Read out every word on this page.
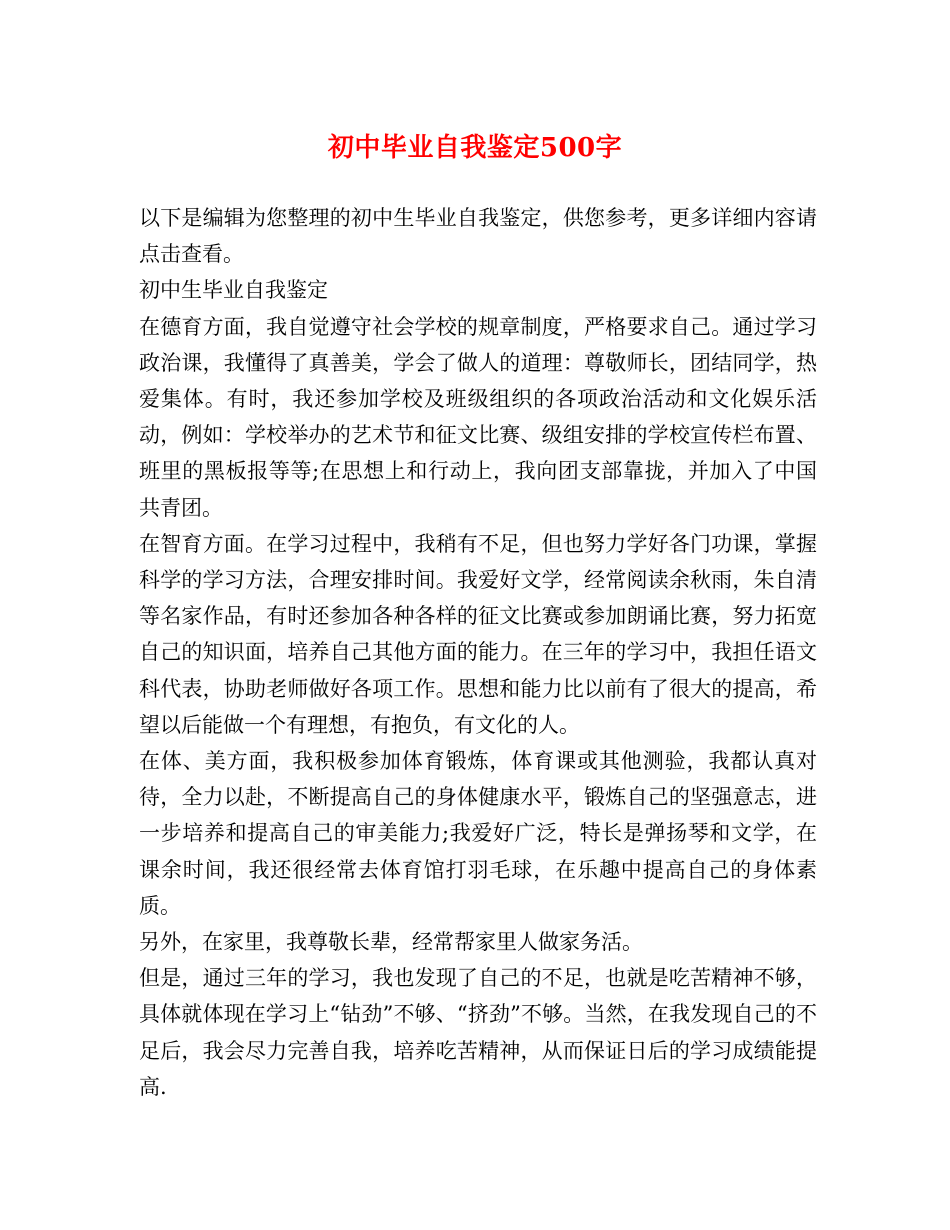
初中毕业自我鉴定500字

以下是编辑为您整理的初中生毕业自我鉴定，供您参考，更多详细内容请点击查看。

初中生毕业自我鉴定

在德育方面，我自觉遵守社会学校的规章制度，严格要求自己。通过学习政治课，我懂得了真善美，学会了做人的道理：尊敬师长，团结同学，热爱集体。有时，我还参加学校及班级组织的各项政治活动和文化娱乐活动，例如：学校举办的艺术节和征文比赛、级组安排的学校宣传栏布置、班里的黑板报等等;在思想上和行动上，我向团支部靠拢，并加入了中国共青团。

在智育方面。在学习过程中，我稍有不足，但也努力学好各门功课，掌握科学的学习方法，合理安排时间。我爱好文学，经常阅读余秋雨，朱自清等名家作品，有时还参加各种各样的征文比赛或参加朗诵比赛，努力拓宽自己的知识面，培养自己其他方面的能力。在三年的学习中，我担任语文科代表，协助老师做好各项工作。思想和能力比以前有了很大的提高，希望以后能做一个有理想，有抱负，有文化的人。

在体、美方面，我积极参加体育锻炼，体育课或其他测验，我都认真对待，全力以赴，不断提高自己的身体健康水平，锻炼自己的坚强意志，进一步培养和提高自己的审美能力;我爱好广泛，特长是弹扬琴和文学，在课余时间，我还很经常去体育馆打羽毛球，在乐趣中提高自己的身体素质。

另外，在家里，我尊敬长辈，经常帮家里人做家务活。

但是，通过三年的学习，我也发现了自己的不足，也就是吃苦精神不够，具体就体现在学习上“钻劲”不够、“挤劲”不够。当然，在我发现自己的不足后，我会尽力完善自我，培养吃苦精神，从而保证日后的学习成绩能提高.
